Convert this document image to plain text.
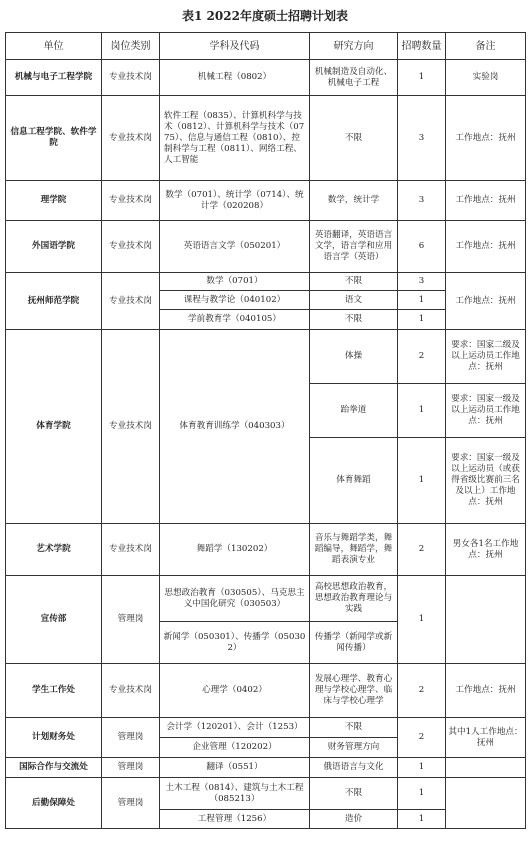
表1 2022年度硕士招聘计划表
单位	岗位类别	学科及代码	研究方向	招聘数量	备注
机械与电子工程学院	专业技术岗	机械工程（0802）	机械制造及自动化、机械电子工程	1	实验岗
信息工程学院、软件学院	专业技术岗	软件工程（0835）、计算机科学与技术（0812）、计算机科学与技术（0775）、信息与通信工程（0810）、控制科学与工程（0811）、网络工程、人工智能	不限	3	工作地点：抚州
理学院	专业技术岗	数学（0701）、统计学（0714）、统计学（020208）	数学，统计学	3	工作地点：抚州
外国语学院	专业技术岗	英语语言文学（050201）	英语翻译，英语语言文学，语言学和应用语言学（英语）	6	工作地点：抚州
抚州师范学院	专业技术岗	数学（0701）	不限	3	工作地点：抚州
		课程与教学论（040102）	语文	1	
		学前教育学（040105）	不限	1	
体育学院	专业技术岗	体育教育训练学（040303）	体操	2	要求：国家二级及以上运动员工作地点：抚州
			跆拳道	1	要求：国家一级及以上运动员工作地点：抚州
			体育舞蹈	1	要求：国家一级及以上运动员（或获得省级比赛前三名及以上）工作地点：抚州
艺术学院	专业技术岗	舞蹈学（130202）	音乐与舞蹈学类，舞蹈编导，舞蹈学，舞蹈表演专业	2	男女各1名工作地点：抚州
宣传部	管理岗	思想政治教育（030505）、马克思主义中国化研究（030503）	高校思想政治教育，思想政治教育理论与实践	1	
		新闻学（050301）、传播学（050302）	传播学（新闻学或新闻传播）		
学生工作处	专业技术岗	心理学（0402）	发展心理学、教育心理与学校心理学、临床与学校心理学	2	工作地点：抚州
计划财务处	管理岗	会计学（120201）、会计（1253）	不限	2	其中1人工作地点：抚州
		企业管理（120202）	财务管理方向		
国际合作与交流处	管理岗	翻译（0551）	俄语语言与文化	1	
后勤保障处	管理岗	土木工程（0814）、建筑与土木工程（085213）	不限	1	
		工程管理（1256）	造价	1	
